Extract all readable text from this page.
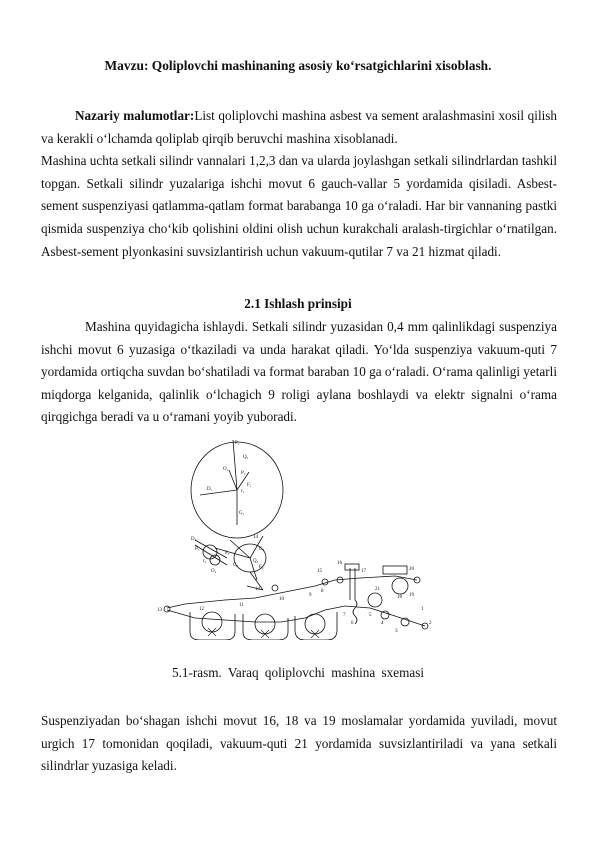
Mavzu: Qoliplovchi mashinaning asosiy ko‘rsatgichlarini xisoblash.

Nazariy malumotlar:List qoliplovchi mashina asbest va sement aralashmasini xosil qilish va kerakli o‘lchamda qoliplab qirqib beruvchi mashina xisoblanadi.
Mashina uchta setkali silindr vannalari 1,2,3 dan va ularda joylashgan setkali silindrlardan tashkil topgan. Setkali silindr yuzalariga ishchi movut 6 gauch-vallar 5 yordamida qisiladi. Asbest-sement suspenziyasi qatlamma-qatlam format barabanga 10 ga o‘raladi. Har bir vannaning pastki qismida suspenziya cho‘kib qolishini oldini olish uchun kurakchali aralash-tirgichlar o‘rnatilgan. Asbest-sement plyonkasini suvsizlantirish uchun vakuum-qutilar 7 va 21 hizmat qiladi.

2.1 Ishlash prinsipi

Mashina quyidagicha ishlaydi. Setkali silindr yuzasidan 0,4 mm qalinlikdagi suspenziya ishchi movut 6 yuzasiga o‘tkaziladi va unda harakat qiladi. Yo‘lda suspenziya vakuum-quti 7 yordamida ortiqcha suvdan bo‘shatiladi va format baraban 10 ga o‘raladi. O‘rama qalinligi yetarli miqdorga kelganida, qalinlik o‘lchagich 9 roligi aylana boshlaydi va elektr signalni o‘rama qirqgichga beradi va u o‘ramani yoyib yuboradi.

P₁
O₁
D₁
G₁
F₁
P₂
Q₁
r₁
14
G₂
Q₂
F₂
P₁
D₂
r₂
O₂
P₂
C₂
13	12
11
10
9
8
14
15
16
17
18 19
20
7
6
5
4
3
2
1
21
5.1-rasm. Varaq qoliplovchi mashina sxemasi

Suspenziyadan bo‘shagan ishchi movut 16, 18 va 19 moslamalar yordamida yuviladi, movut urgich 17 tomonidan qoqiladi, vakuum-quti 21 yordamida suvsizlantiriladi va yana setkali silindrlar yuzasiga keladi.
